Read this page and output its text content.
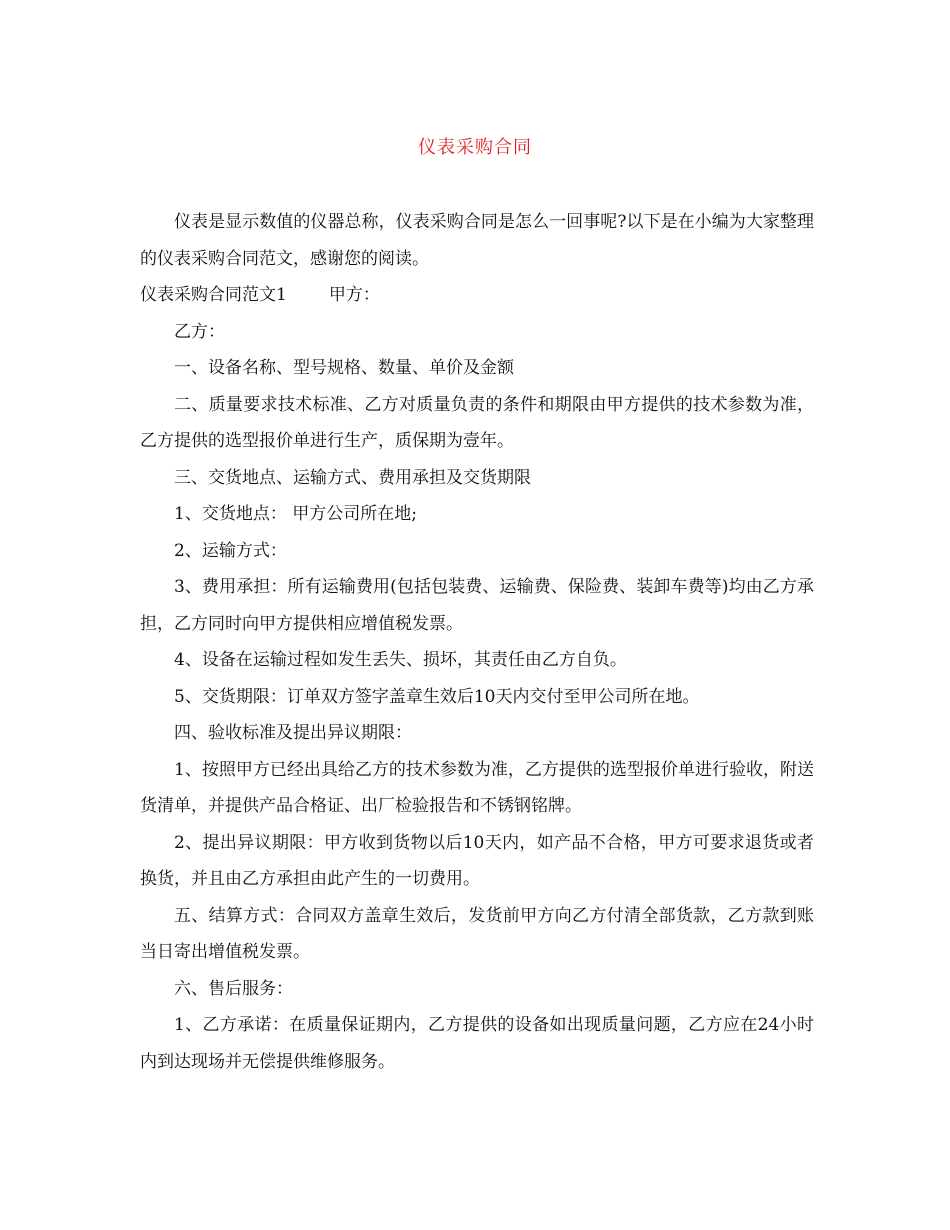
仪表采购合同

仪表是显示数值的仪器总称，仪表采购合同是怎么一回事呢?以下是在小编为大家整理的仪表采购合同范文，感谢您的阅读。

仪表采购合同范文1 甲方：

乙方：

一、设备名称、型号规格、数量、单价及金额

二、质量要求技术标准、乙方对质量负责的条件和期限由甲方提供的技术参数为准，乙方提供的选型报价单进行生产，质保期为壹年。

三、交货地点、运输方式、费用承担及交货期限

1、交货地点： 甲方公司所在地;

2、运输方式：

3、费用承担：所有运输费用(包括包装费、运输费、保险费、装卸车费等)均由乙方承担，乙方同时向甲方提供相应增值税发票。

4、设备在运输过程如发生丢失、损坏，其责任由乙方自负。

5、交货期限：订单双方签字盖章生效后10天内交付至甲公司所在地。

四、验收标准及提出异议期限：

1、按照甲方已经出具给乙方的技术参数为准，乙方提供的选型报价单进行验收，附送货清单，并提供产品合格证、出厂检验报告和不锈钢铭牌。

2、提出异议期限：甲方收到货物以后10天内，如产品不合格，甲方可要求退货或者换货，并且由乙方承担由此产生的一切费用。

五、结算方式：合同双方盖章生效后，发货前甲方向乙方付清全部货款，乙方款到账当日寄出增值税发票。

六、售后服务：

1、乙方承诺：在质量保证期内，乙方提供的设备如出现质量问题，乙方应在24小时内到达现场并无偿提供维修服务。
